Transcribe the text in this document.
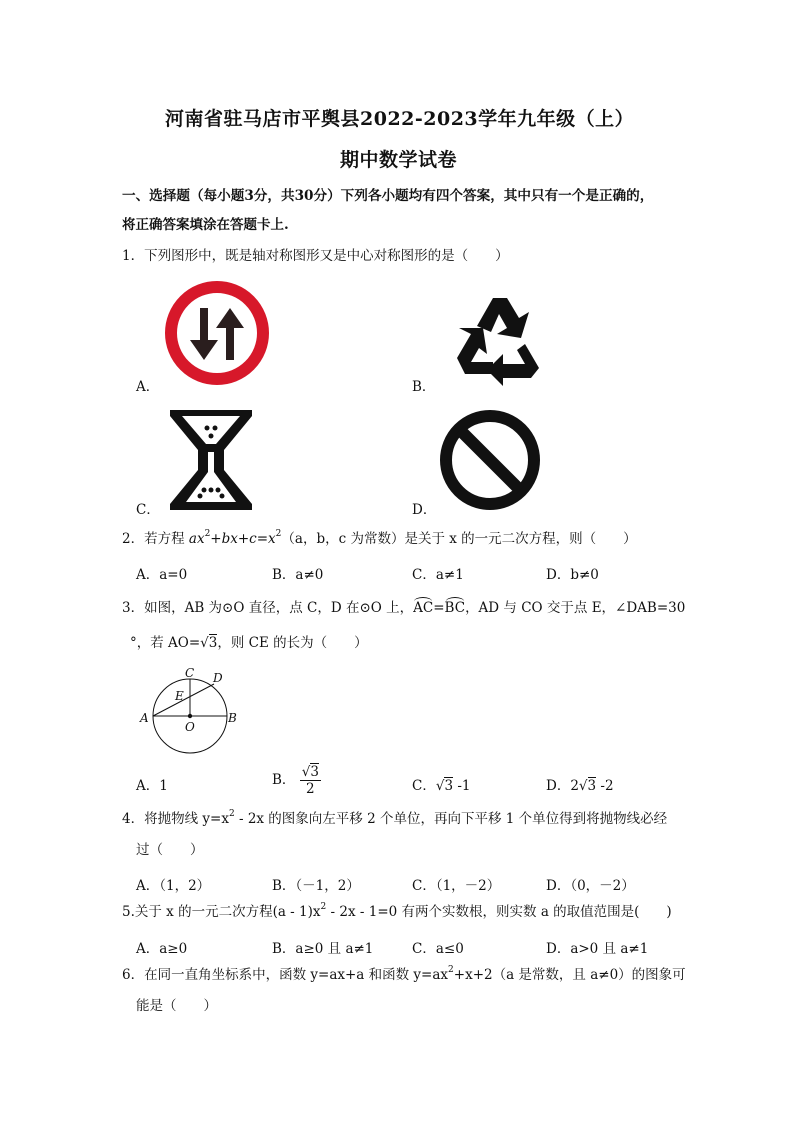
河南省驻马店市平舆县2022-2023学年九年级（上）
期中数学试卷
一、选择题（每小题3分，共30分）下列各小题均有四个答案，其中只有一个是正确的，
将正确答案填涂在答题卡上.
1．下列图形中，既是轴对称图形又是中心对称图形的是（　　）
A．	B．
C．	D．
2．若方程 $ax^2+bx+c=x^2(a$，b，c 为常数）是关于 x 的一元二次方程，则（　　）
A．a=0	B．a≠0	C．a≠1	D．b≠0
3．如图，AB 为⊙O 直径，点 C，D 在⊙O 上，AC=BC，AD 与 CO 交于点 E，∠DAB=30
°，若 AO=√3，则 CE 的长为（　　）
C D
E
A	B
O
A．1	B． $\frac{√3}{2}$	C．√3 -1	D．2√3 -2
4．将抛物线 $y=x^2 - 2x$ 的图象向左平移 2 个单位，再向下平移 1 个单位得到将抛物线必经
过（　　）
A．（1，2）	B．（－1，2）	C．（1，－2）	D．（0，－2）
5.关于 x 的一元二次方程$(a - 1)x^2 - 2x - 1=0$ 有两个实数根，则实数 a 的取值范围是(　　)
A．a≥0	B．a≥0 且 a≠1	C．a≤0	D．a>0 且 a≠1
6．在同一直角坐标系中，函数 y=ax+a 和函数 $y=ax^2+x+2(a$ 是常数，且 a≠0）的图象可
能是（　　）
